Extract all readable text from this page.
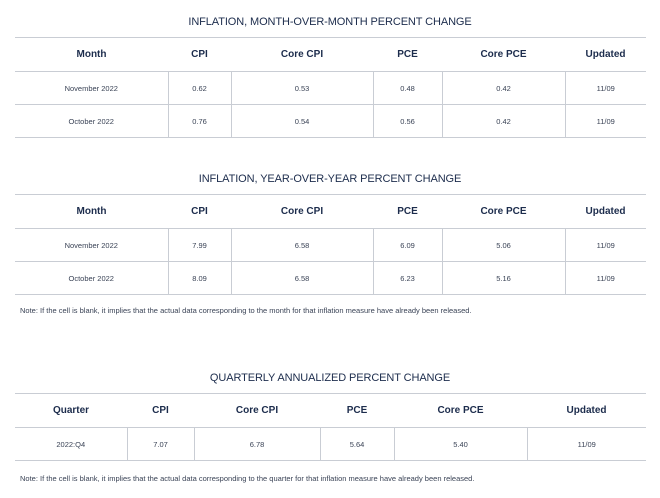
INFLATION, MONTH-OVER-MONTH PERCENT CHANGE
Month	CPI	Core CPI	PCE	Core PCE	Updated
November 2022	0.62	0.53	0.48	0.42	11/09
October 2022	0.76	0.54	0.56	0.42	11/09
INFLATION, YEAR-OVER-YEAR PERCENT CHANGE
Month	CPI	Core CPI	PCE	Core PCE	Updated
November 2022	7.99	6.58	6.09	5.06	11/09
October 2022	8.09	6.58	6.23	5.16	11/09
Note: If the cell is blank, it implies that the actual data corresponding to the month for that inflation measure have already been released.
QUARTERLY ANNUALIZED PERCENT CHANGE
Quarter	CPI	Core CPI	PCE	Core PCE	Updated
2022:Q4	7.07	6.78	5.64	5.40	11/09
Note: If the cell is blank, it implies that the actual data corresponding to the quarter for that inflation measure have already been released.
